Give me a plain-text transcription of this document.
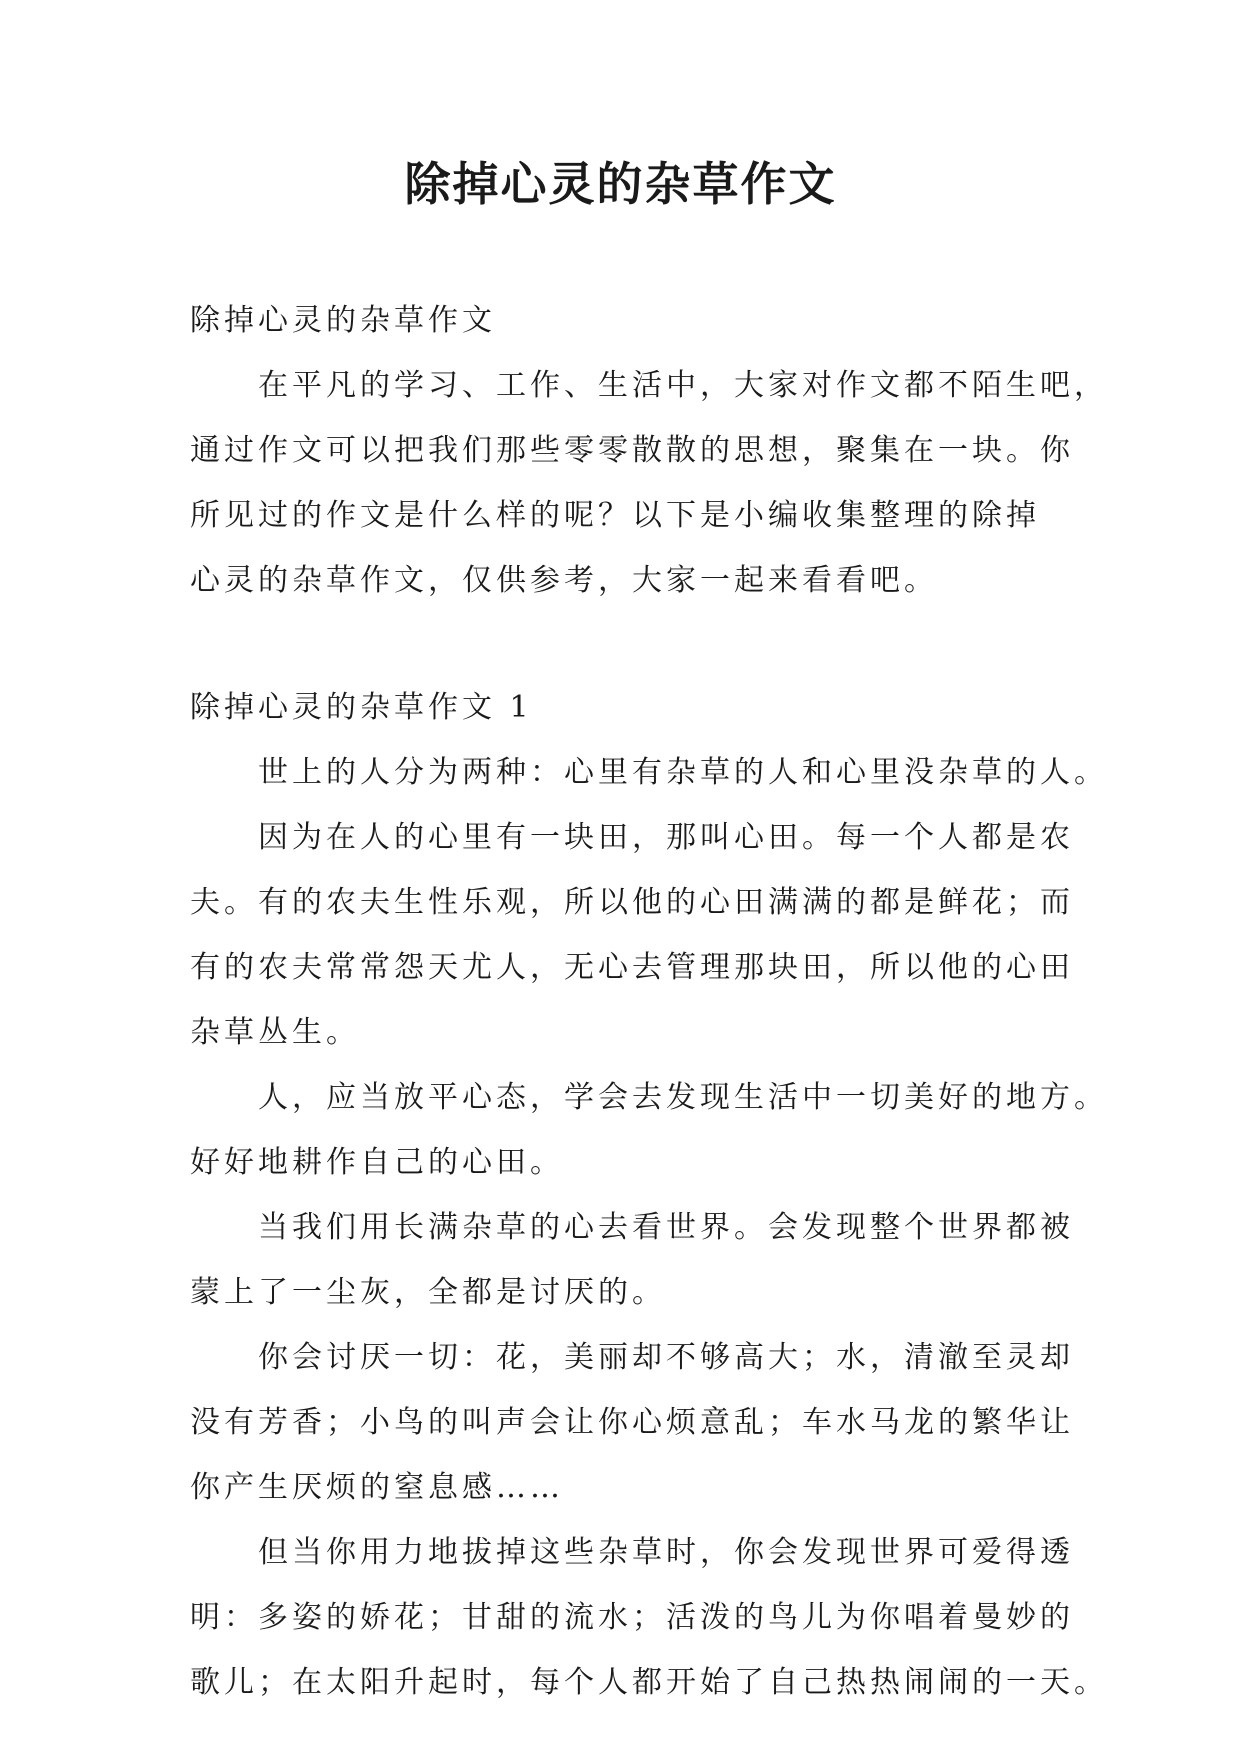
除掉心灵的杂草作文

除掉心灵的杂草作文

在平凡的学习、工作、生活中，大家对作文都不陌生吧，
通过作文可以把我们那些零零散散的思想，聚集在一块。你
所见过的作文是什么样的呢？以下是小编收集整理的除掉
心灵的杂草作文，仅供参考，大家一起来看看吧。

除掉心灵的杂草作文 1

世上的人分为两种：心里有杂草的人和心里没杂草的人。

因为在人的心里有一块田，那叫心田。每一个人都是农
夫。有的农夫生性乐观，所以他的心田满满的都是鲜花；而
有的农夫常常怨天尤人，无心去管理那块田，所以他的心田
杂草丛生。

人，应当放平心态，学会去发现生活中一切美好的地方。
好好地耕作自己的心田。

当我们用长满杂草的心去看世界。会发现整个世界都被
蒙上了一尘灰，全都是讨厌的。

你会讨厌一切：花，美丽却不够高大；水，清澈至灵却
没有芳香；小鸟的叫声会让你心烦意乱；车水马龙的繁华让
你产生厌烦的窒息感……

但当你用力地拔掉这些杂草时，你会发现世界可爱得透
明：多姿的娇花；甘甜的流水；活泼的鸟儿为你唱着曼妙的
歌儿；在太阳升起时，每个人都开始了自己热热闹闹的一天。
